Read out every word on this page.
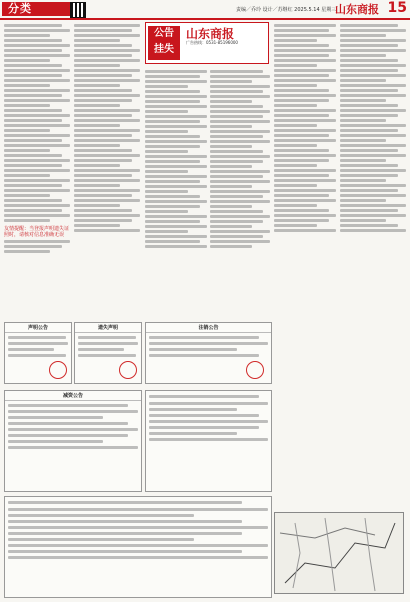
分类	责编／乔玲 设计／苏继红 2025.5.14 星期三
山东商报 15
友情提醒：当登报声明遗失证照时，请核对信息准确无误
公告 挂失
山东商报
广告热线：0531-85196000
声明公告	遗失声明	注销公告
减资公告
